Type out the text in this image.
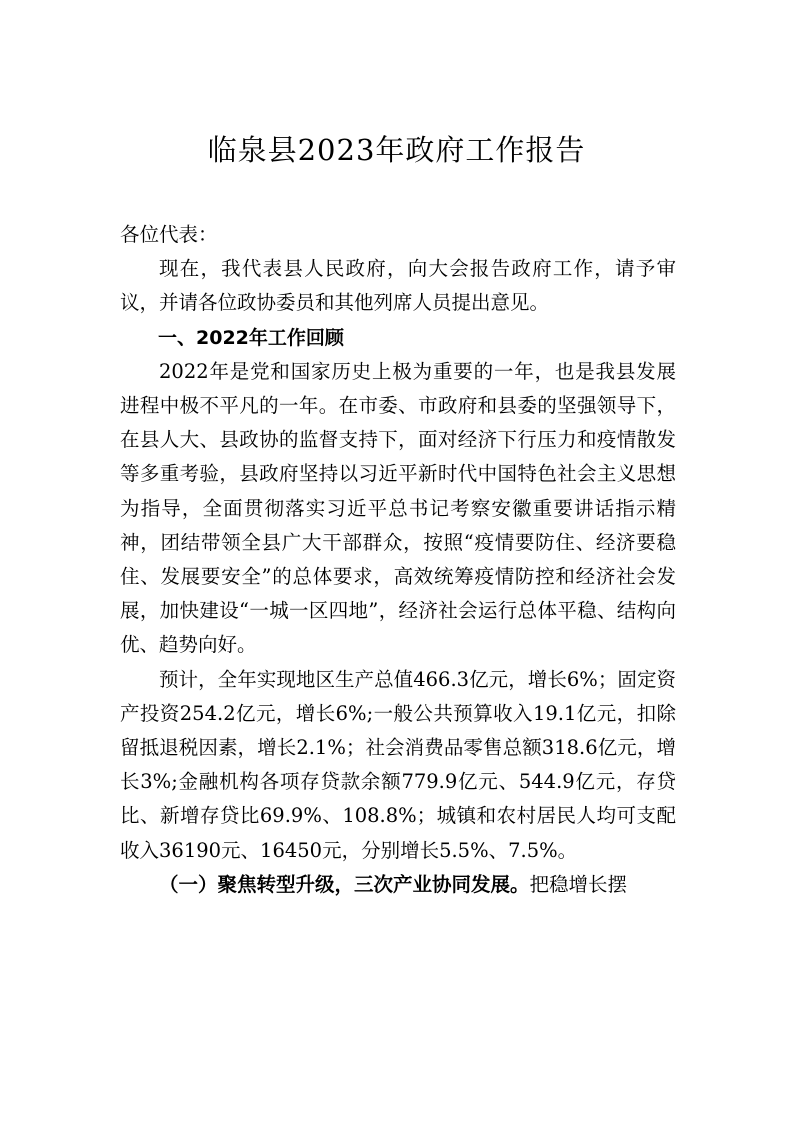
临泉县2023年政府工作报告

各位代表：

现在，我代表县人民政府，向大会报告政府工作，请予审议，并请各位政协委员和其他列席人员提出意见。

一、2022年工作回顾

2022年是党和国家历史上极为重要的一年，也是我县发展进程中极不平凡的一年。在市委、市政府和县委的坚强领导下，在县人大、县政协的监督支持下，面对经济下行压力和疫情散发等多重考验，县政府坚持以习近平新时代中国特色社会主义思想为指导，全面贯彻落实习近平总书记考察安徽重要讲话指示精神，团结带领全县广大干部群众，按照“疫情要防住、经济要稳住、发展要安全”的总体要求，高效统筹疫情防控和经济社会发展，加快建设“一城一区四地”，经济社会运行总体平稳、结构向优、趋势向好。

预计，全年实现地区生产总值466.3亿元，增长6%；固定资产投资254.2亿元，增长6%;一般公共预算收入19.1亿元，扣除留抵退税因素，增长2.1%；社会消费品零售总额318.6亿元，增长3%;金融机构各项存贷款余额779.9亿元、544.9亿元，存贷比、新增存贷比69.9%、108.8%；城镇和农村居民人均可支配收入36190元、16450元，分别增长5.5%、7.5%。

（一）聚焦转型升级，三次产业协同发展。把稳增长摆
